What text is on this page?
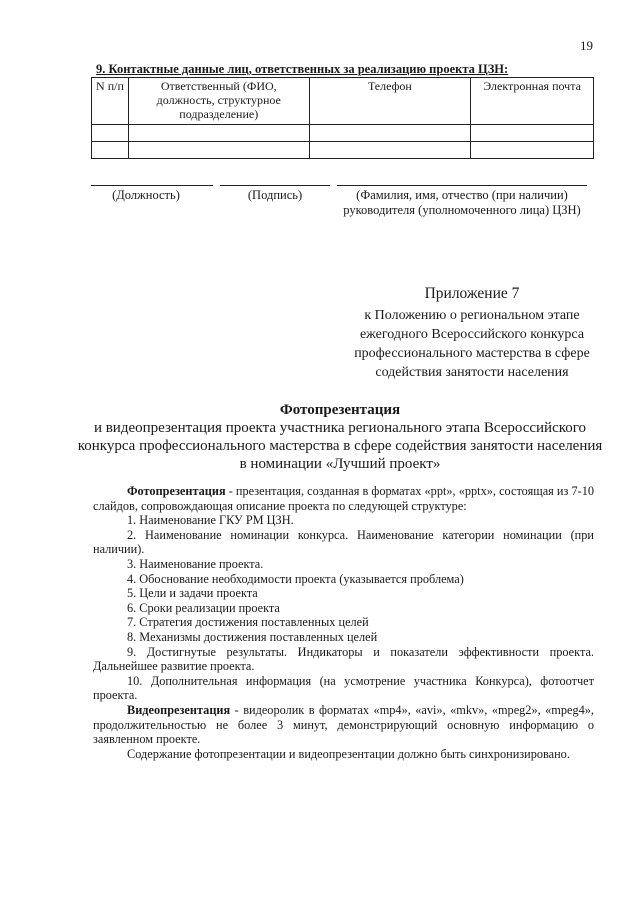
19
9. Контактные данные лиц, ответственных за реализацию проекта ЦЗН:
N п/п	Ответственный (ФИО, должность, структурное подразделение)	Телефон	Электронная почта

(Должность)	(Подпись)	(Фамилия, имя, отчество (при наличии) руководителя (уполномоченного лица) ЦЗН)
Приложение 7
к Положению о региональном этапе ежегодного Всероссийского конкурса профессионального мастерства в сфере содействия занятости населения
Фотопрезентация
и видеопрезентация проекта участника регионального этапа Всероссийского конкурса профессионального мастерства в сфере содействия занятости населения в номинации «Лучший проект»

Фотопрезентация - презентация, созданная в форматах «ppt», «pptx», состоящая из 7-10 слайдов, сопровождающая описание проекта по следующей структуре:

1. Наименование ГКУ РМ ЦЗН.

2. Наименование номинации конкурса. Наименование категории номинации (при наличии).

3. Наименование проекта.

4. Обоснование необходимости проекта (указывается проблема)

5. Цели и задачи проекта

6. Сроки реализации проекта

7. Стратегия достижения поставленных целей

8. Механизмы достижения поставленных целей

9. Достигнутые результаты. Индикаторы и показатели эффективности проекта. Дальнейшее развитие проекта.

10. Дополнительная информация (на усмотрение участника Конкурса), фотоотчет проекта.

Видеопрезентация - видеоролик в форматах «mp4», «avi», «mkv», «mpeg2», «mpeg4», продолжительностью не более 3 минут, демонстрирующий основную информацию о заявленном проекте.

Содержание фотопрезентации и видеопрезентации должно быть синхронизировано.
